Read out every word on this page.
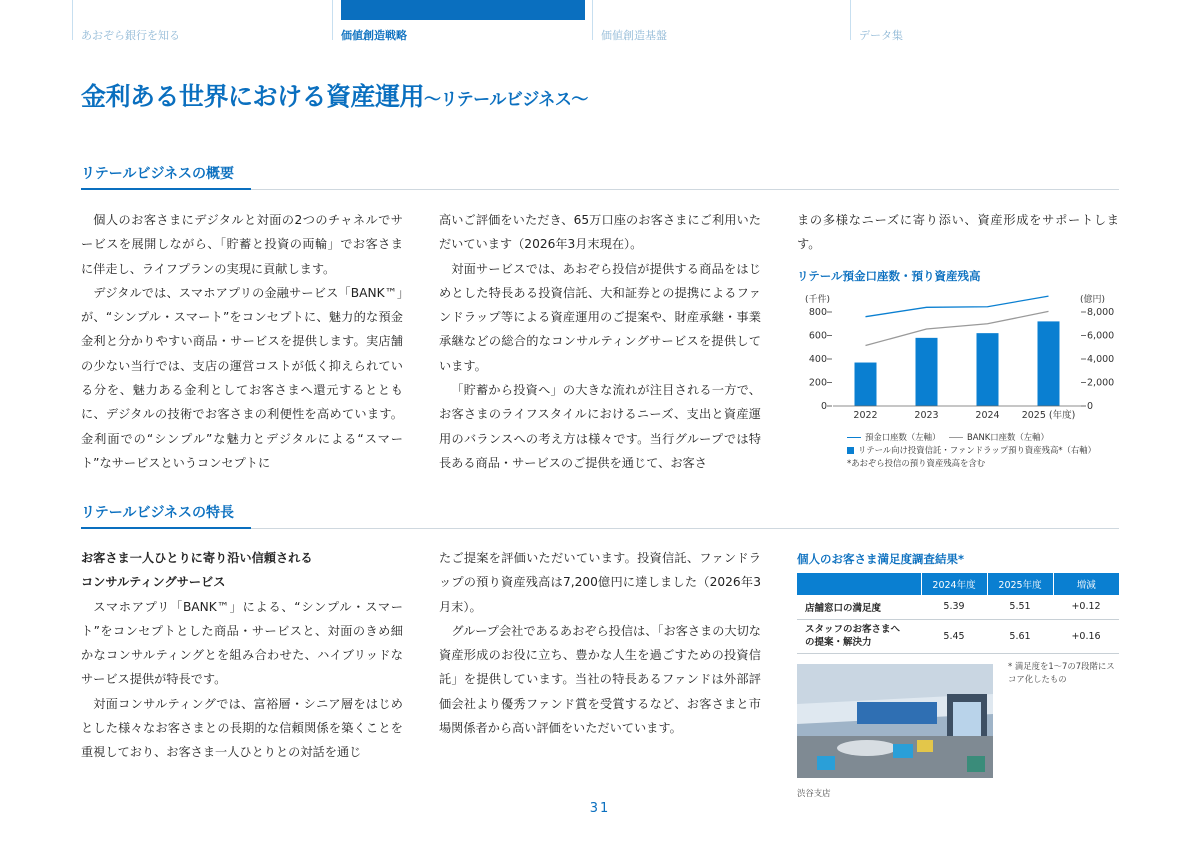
あおぞら銀行を知る	価値創造戦略	価値創造基盤	データ集
金利ある世界における資産運用〜リテールビジネス〜
リテールビジネスの概要

個人のお客さまにデジタルと対面の2つのチャネルでサービスを展開しながら、「貯蓄と投資の両輪」でお客さまに伴走し、ライフプランの実現に貢献します。

デジタルでは、スマホアプリの金融サービス「BANK™」が、“シンプル・スマート”をコンセプトに、魅力的な預金金利と分かりやすい商品・サービスを提供します。実店舗の少ない当行では、支店の運営コストが低く抑えられている分を、魅力ある金利としてお客さまへ還元するとともに、デジタルの技術でお客さまの利便性を高めています。金利面での“シンプル”な魅力とデジタルによる“スマート”なサービスというコンセプトに

高いご評価をいただき、65万口座のお客さまにご利用いただいています（2026年3月末現在）。

対面サービスでは、あおぞら投信が提供する商品をはじめとした特長ある投資信託、大和証券との提携によるファンドラップ等による資産運用のご提案や、財産承継・事業承継などの総合的なコンサルティングサービスを提供しています。

「貯蓄から投資へ」の大きな流れが注目される一方で、お客さまのライフスタイルにおけるニーズ、支出と資産運用のバランスへの考え方は様々です。当行グループでは特長ある商品・サービスのご提供を通じて、お客さ

まの多様なニーズに寄り添い、資産形成をサポートします。

リテール預金口座数・預り資産残高
(千件)
0
200
400
600
800
(億円)
0
2,000
4,000
6,000
8,000
2022	2023	2024 2025 (年度)
預金口座数（左軸）	BANK口座数（左軸）
リテール向け投資信託・ファンドラップ預り資産残高*（右軸）
*あおぞら投信の預り資産残高を含む
リテールビジネスの特長

お客さま一人ひとりに寄り沿い信頼される

コンサルティングサービス

スマホアプリ「BANK™」による、“シンプル・スマート”をコンセプトとした商品・サービスと、対面のきめ細かなコンサルティングとを組み合わせた、ハイブリッドなサービス提供が特長です。

対面コンサルティングでは、富裕層・シニア層をはじめとした様々なお客さまとの長期的な信頼関係を築くことを重視しており、お客さま一人ひとりとの対話を通じ

たご提案を評価いただいています。投資信託、ファンドラップの預り資産残高は7,200億円に達しました（2026年3月末）。

グループ会社であるあおぞら投信は、「お客さまの大切な資産形成のお役に立ち、豊かな人生を過ごすための投資信託」を提供しています。当社の特長あるファンドは外部評価会社より優秀ファンド賞を受賞するなど、お客さまと市場関係者から高い評価をいただいています。

個人のお客さま満足度調査結果*
	2024年度	2025年度	増減
店舗窓口の満足度	5.39	5.51	+0.12
スタッフのお客さまへの提案・解決力	5.45	5.61	+0.16
* 満足度を1〜7の7段階にスコア化したもの
渋谷支店
31
